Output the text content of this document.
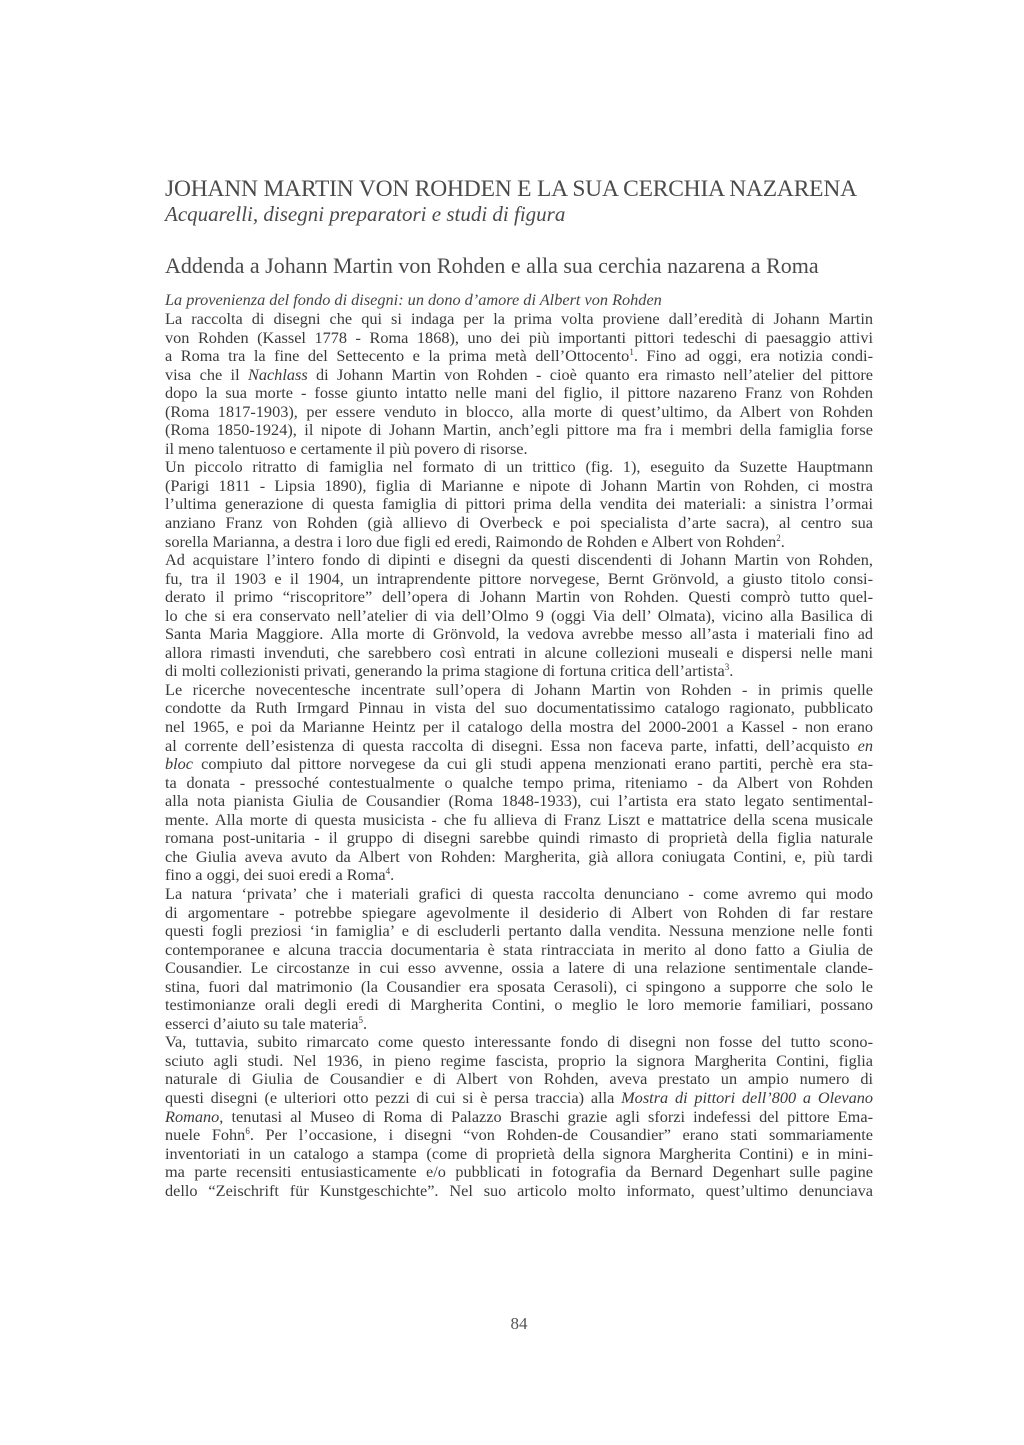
JOHANN MARTIN VON ROHDEN E LA SUA CERCHIA NAZARENA
Acquarelli, disegni preparatori e studi di figura
Addenda a Johann Martin von Rohden e alla sua cerchia nazarena a Roma
La provenienza del fondo di disegni: un dono d’amore di Albert von Rohden
La raccolta di disegni che qui si indaga per la prima volta proviene dall’eredità di Johann Martin
von Rohden (Kassel 1778 - Roma 1868), uno dei più importanti pittori tedeschi di paesaggio attivi
a Roma tra la fine del Settecento e la prima metà dell’Ottocento$^1$. Fino ad oggi, era notizia condi-
visa che il Nachlass di Johann Martin von Rohden - cioè quanto era rimasto nell’atelier del pittore
dopo la sua morte - fosse giunto intatto nelle mani del figlio, il pittore nazareno Franz von Rohden
(Roma 1817-1903), per essere venduto in blocco, alla morte di quest’ultimo, da Albert von Rohden
(Roma 1850-1924), il nipote di Johann Martin, anch’egli pittore ma fra i membri della famiglia forse
il meno talentuoso e certamente il più povero di risorse.
Un piccolo ritratto di famiglia nel formato di un trittico (fig. 1), eseguito da Suzette Hauptmann
(Parigi 1811 - Lipsia 1890), figlia di Marianne e nipote di Johann Martin von Rohden, ci mostra
l’ultima generazione di questa famiglia di pittori prima della vendita dei materiali: a sinistra l’ormai
anziano Franz von Rohden (già allievo di Overbeck e poi specialista d’arte sacra), al centro sua
sorella Marianna, a destra i loro due figli ed eredi, Raimondo de Rohden e Albert von Rohden$^2$.
Ad acquistare l’intero fondo di dipinti e disegni da questi discendenti di Johann Martin von Rohden,
fu, tra il 1903 e il 1904, un intraprendente pittore norvegese, Bernt Grönvold, a giusto titolo consi-
derato il primo “riscopritore” dell’opera di Johann Martin von Rohden. Questi comprò tutto quel-
lo che si era conservato nell’atelier di via dell’Olmo 9 (oggi Via dell’ Olmata), vicino alla Basilica di
Santa Maria Maggiore. Alla morte di Grönvold, la vedova avrebbe messo all’asta i materiali fino ad
allora rimasti invenduti, che sarebbero così entrati in alcune collezioni museali e dispersi nelle mani
di molti collezionisti privati, generando la prima stagione di fortuna critica dell’artista$^3$.
Le ricerche novecentesche incentrate sull’opera di Johann Martin von Rohden - in primis quelle
condotte da Ruth Irmgard Pinnau in vista del suo documentatissimo catalogo ragionato, pubblicato
nel 1965, e poi da Marianne Heintz per il catalogo della mostra del 2000-2001 a Kassel - non erano
al corrente dell’esistenza di questa raccolta di disegni. Essa non faceva parte, infatti, dell’acquisto en
bloc compiuto dal pittore norvegese da cui gli studi appena menzionati erano partiti, perchè era sta-
ta donata - pressoché contestualmente o qualche tempo prima, riteniamo - da Albert von Rohden
alla nota pianista Giulia de Cousandier (Roma 1848-1933), cui l’artista era stato legato sentimental-
mente. Alla morte di questa musicista - che fu allieva di Franz Liszt e mattatrice della scena musicale
romana post-unitaria - il gruppo di disegni sarebbe quindi rimasto di proprietà della figlia naturale
che Giulia aveva avuto da Albert von Rohden: Margherita, già allora coniugata Contini, e, più tardi
fino a oggi, dei suoi eredi a Roma$^4$.
La natura ‘privata’ che i materiali grafici di questa raccolta denunciano - come avremo qui modo
di argomentare - potrebbe spiegare agevolmente il desiderio di Albert von Rohden di far restare
questi fogli preziosi ‘in famiglia’ e di escluderli pertanto dalla vendita. Nessuna menzione nelle fonti
contemporanee e alcuna traccia documentaria è stata rintracciata in merito al dono fatto a Giulia de
Cousandier. Le circostanze in cui esso avvenne, ossia a latere di una relazione sentimentale clande-
stina, fuori dal matrimonio (la Cousandier era sposata Cerasoli), ci spingono a supporre che solo le
testimonianze orali degli eredi di Margherita Contini, o meglio le loro memorie familiari, possano
esserci d’aiuto su tale materia$^5$.
Va, tuttavia, subito rimarcato come questo interessante fondo di disegni non fosse del tutto scono-
sciuto agli studi. Nel 1936, in pieno regime fascista, proprio la signora Margherita Contini, figlia
naturale di Giulia de Cousandier e di Albert von Rohden, aveva prestato un ampio numero di
questi disegni (e ulteriori otto pezzi di cui si è persa traccia) alla Mostra di pittori dell’800 a Olevano
Romano, tenutasi al Museo di Roma di Palazzo Braschi grazie agli sforzi indefessi del pittore Ema-
nuele Fohn$^6$. Per l’occasione, i disegni “von Rohden-de Cousandier” erano stati sommariamente
inventoriati in un catalogo a stampa (come di proprietà della signora Margherita Contini) e in mini-
ma parte recensiti entusiasticamente e/o pubblicati in fotografia da Bernard Degenhart sulle pagine
dello “Zeischrift für Kunstgeschichte”. Nel suo articolo molto informato, quest’ultimo denunciava
84
